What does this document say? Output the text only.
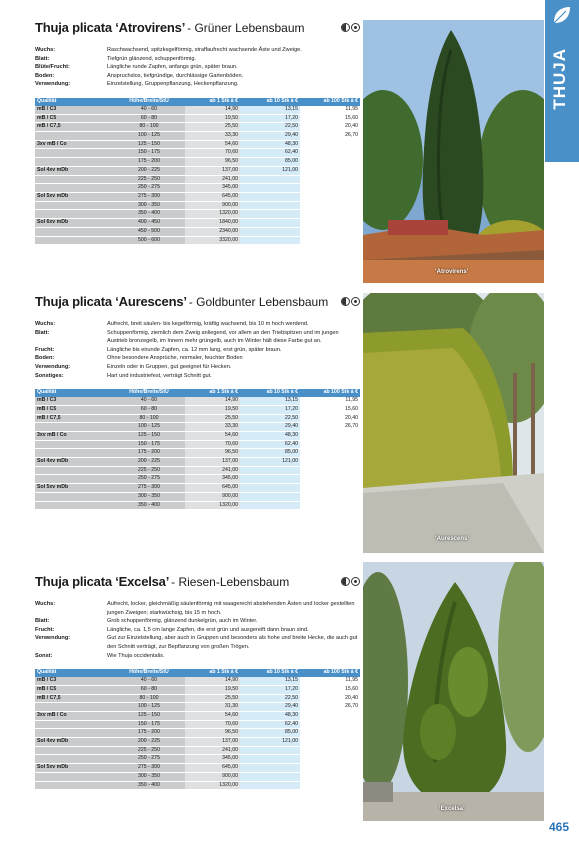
THUJA
Thuja plicata ‘Atrovirens’ - Grüner Lebensbaum
Wuchs:	Raschwachsend, spitzkegelförmig, straffaufrecht wachsende Äste und Zweige.
Blatt:	Tiefgrün glänzend, schuppenförmig.
Blüte/Frucht:	Längliche runde Zapfen, anfangs grün, später braun.
Boden:	Anspruchslos, tiefgründige, durchlässige Gartenböden.
Verwendung:	Einzelstellung, Gruppenpflanzung, Heckenpflanzung.
Qualität	Höhe/Breite/StU	ab 1 Stk à €	ab 10 Stk à €	ab 100 Stk à €
mB / C3	40 - 60	14,90	13,15	11,95
mB / C5	60 - 80	19,50	17,20	15,60
mB / C7,5	80 - 100	25,50	22,50	20,40
	100 - 125	33,30	29,40	26,70
3xv mB / Co	125 - 150	54,60	48,30	
	150 - 175	70,60	62,40	
	175 - 200	96,50	85,00	
Sol 4xv mDb	200 - 225	137,00	121,00	
	225 - 250	241,00		
	250 - 275	345,00		
Sol 5xv mDb	275 - 300	645,00		
	300 - 350	900,00		
	350 - 400	1320,00		
Sol 6xv mDb	400 - 450	1840,00		
	450 - 500	2340,00		
	500 - 600	3320,00		
‘Atrovirens’
Thuja plicata ‘Aurescens’ - Goldbunter Lebensbaum
Wuchs:	Aufrecht, breit säulen- bis kegelförmig, kräftig wachsend, bis 10 m hoch werdend.
Blatt:	Schuppenförmig, ziemlich dem Zweig anliegend, vor allem an den Triebspitzen und im jungen Austrieb bronzegelb, im Innern mehr grüngelb, auch im Winter hält diese Farbe gut an.
Frucht:	Längliche bis eirunde Zapfen, ca. 12 mm lang, erst grün, später braun.
Boden:	Ohne besondere Ansprüche, normaler, feuchter Boden
Verwendung:	Einzeln oder in Gruppen, gut geeignet für Hecken.
Sonstiges:	Hart und industriefest, verträgt Schnitt gut.
Qualität	Höhe/Breite/StU	ab 1 Stk à €	ab 10 Stk à €	ab 100 Stk à €
mB / C3	40 - 60	14,90	13,15	11,95
mB / C5	60 - 80	19,50	17,20	15,60
mB / C7,5	80 - 100	25,50	22,50	20,40
	100 - 125	33,30	29,40	26,70
3xv mB / Co	125 - 150	54,60	48,30	
	150 - 175	70,60	62,40	
	175 - 200	96,50	85,00	
Sol 4xv mDb	200 - 225	137,00	121,00	
	225 - 250	241,00		
	250 - 275	345,00		
Sol 5xv mDb	275 - 300	645,00		
	300 - 350	900,00		
	350 - 400	1320,00		
‘Aurescens’
Thuja plicata ‘Excelsa’ - Riesen-Lebensbaum
Wuchs:	Aufrecht, locker, gleichmäßig säulenförmig mit waagerecht abstehenden Ästen und locker gestellten jungen Zweigen; starkwüchsig, bis 15 m hoch.
Blatt:	Grob schuppenförmig, glänzend dunkelgrün, auch im Winter.
Frucht:	Längliche, ca. 1,5 cm lange Zapfen, die erst grün und ausgereift dann braun sind.
Verwendung:	Gut zur Einzelstellung, aber auch in Gruppen und besonders als hohe und breite Hecke, die auch gut den Schnitt verträgt, zur Bepflanzung von großen Trögen.
Sonst:	Wie Thuja occidentalis.
Qualität	Höhe/Breite/StU	ab 1 Stk à €	ab 10 Stk à €	ab 100 Stk à €
mB / C3	40 - 60	14,90	13,15	11,95
mB / C5	60 - 80	19,50	17,20	15,60
mB / C7,5	80 - 100	25,50	22,50	20,40
	100 - 125	31,30	29,40	26,70
3xv mB / Co	125 - 150	54,60	48,30	
	150 - 175	70,60	62,40	
	175 - 200	96,50	85,00	
Sol 4xv mDb	200 - 225	137,00	121,00	
	225 - 250	241,00		
	250 - 275	345,00		
Sol 5xv mDb	275 - 300	645,00		
	300 - 350	900,00		
	350 - 400	1320,00		
‘Excelsa’
465
